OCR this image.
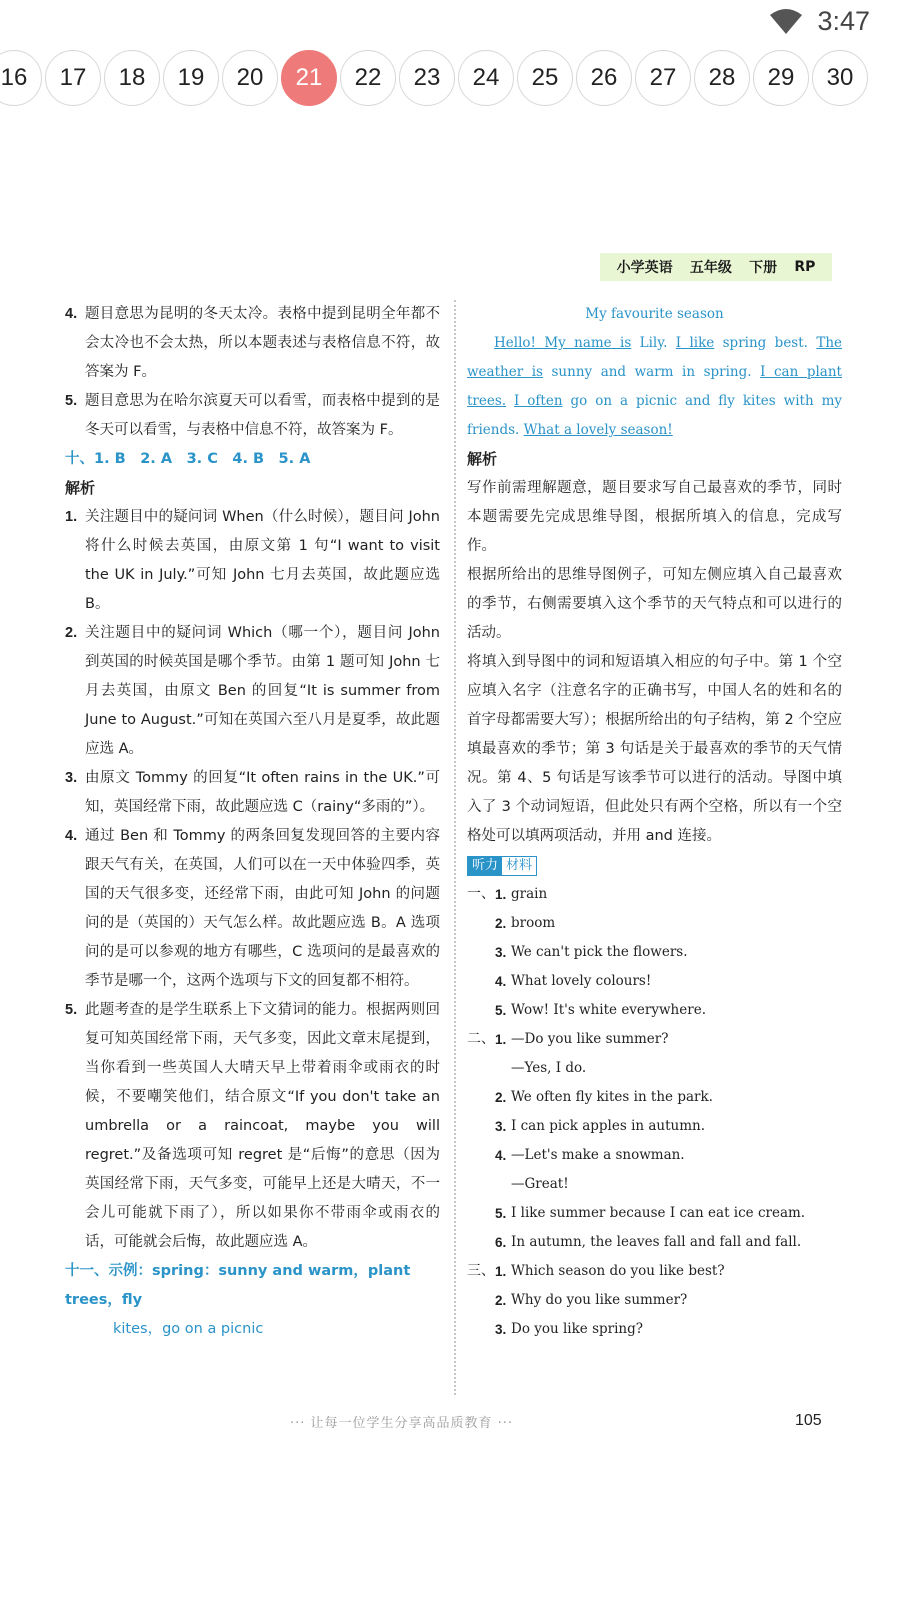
3:47
16	17	18	19	20	21	22	23	24	25	26	27	28	29	30
小学英语 五年级 下册 RP
4. 题目意思为昆明的冬天太冷。表格中提到昆明全年都不会太冷也不会太热，所以本题表述与表格信息不符，故答案为 F。
5. 题目意思为在哈尔滨夏天可以看雪，而表格中提到的是冬天可以看雪，与表格中信息不符，故答案为 F。
十、1. B　2. A　3. C　4. B　5. A
解析
1. 关注题目中的疑问词 When（什么时候），题目问 John 将什么时候去英国，由原文第 1 句“I want to visit the UK in July.”可知 John 七月去英国，故此题应选 B。
2. 关注题目中的疑问词 Which（哪一个），题目问 John 到英国的时候英国是哪个季节。由第 1 题可知 John 七月去英国，由原文 Ben 的回复“It is summer from June to August.”可知在英国六至八月是夏季，故此题应选 A。
3. 由原文 Tommy 的回复“It often rains in the UK.”可知，英国经常下雨，故此题应选 C（rainy“多雨的”）。
4. 通过 Ben 和 Tommy 的两条回复发现回答的主要内容跟天气有关，在英国，人们可以在一天中体验四季，英国的天气很多变，还经常下雨，由此可知 John 的问题问的是（英国的）天气怎么样。故此题应选 B。A 选项问的是可以参观的地方有哪些，C 选项问的是最喜欢的季节是哪一个，这两个选项与下文的回复都不相符。
5. 此题考查的是学生联系上下文猜词的能力。根据两则回复可知英国经常下雨，天气多变，因此文章末尾提到，当你看到一些英国人大晴天早上带着雨伞或雨衣的时候，不要嘲笑他们，结合原文“If you don't take an umbrella or a raincoat, maybe you will regret.”及备选项可知 regret 是“后悔”的意思（因为英国经常下雨，天气多变，可能早上还是大晴天，不一会儿可能就下雨了），所以如果你不带雨伞或雨衣的话，可能就会后悔，故此题应选 A。
十一、示例：spring：sunny and warm，plant trees，fly
kites，go on a picnic
My favourite season
Hello! My name is Lily. I like spring best. The weather is sunny and warm in spring. I can plant trees. I often go on a picnic and fly kites with my friends. What a lovely season!
解析
写作前需理解题意，题目要求写自己最喜欢的季节，同时本题需要先完成思维导图，根据所填入的信息，完成写作。
根据所给出的思维导图例子，可知左侧应填入自己最喜欢的季节，右侧需要填入这个季节的天气特点和可以进行的活动。
将填入到导图中的词和短语填入相应的句子中。第 1 个空应填入名字（注意名字的正确书写，中国人名的姓和名的首字母都需要大写）；根据所给出的句子结构，第 2 个空应填最喜欢的季节；第 3 句话是关于最喜欢的季节的天气情况。第 4、5 句话是写该季节可以进行的活动。导图中填入了 3 个动词短语，但此处只有两个空格，所以有一个空格处可以填两项活动，并用 and 连接。
听力 材料
一、 1. grain
2. broom
3. We can't pick the flowers.
4. What lovely colours!
5. Wow! It's white everywhere.
二、 1. —Do you like summer?
—Yes, I do.
2. We often fly kites in the park.
3. I can pick apples in autumn.
4. —Let's make a snowman.
—Great!
5. I like summer because I can eat ice cream.
6. In autumn, the leaves fall and fall and fall.
三、 1. Which season do you like best?
2. Why do you like summer?
3. Do you like spring?
··· 让每一位学生分享高品质教育 ···	105
